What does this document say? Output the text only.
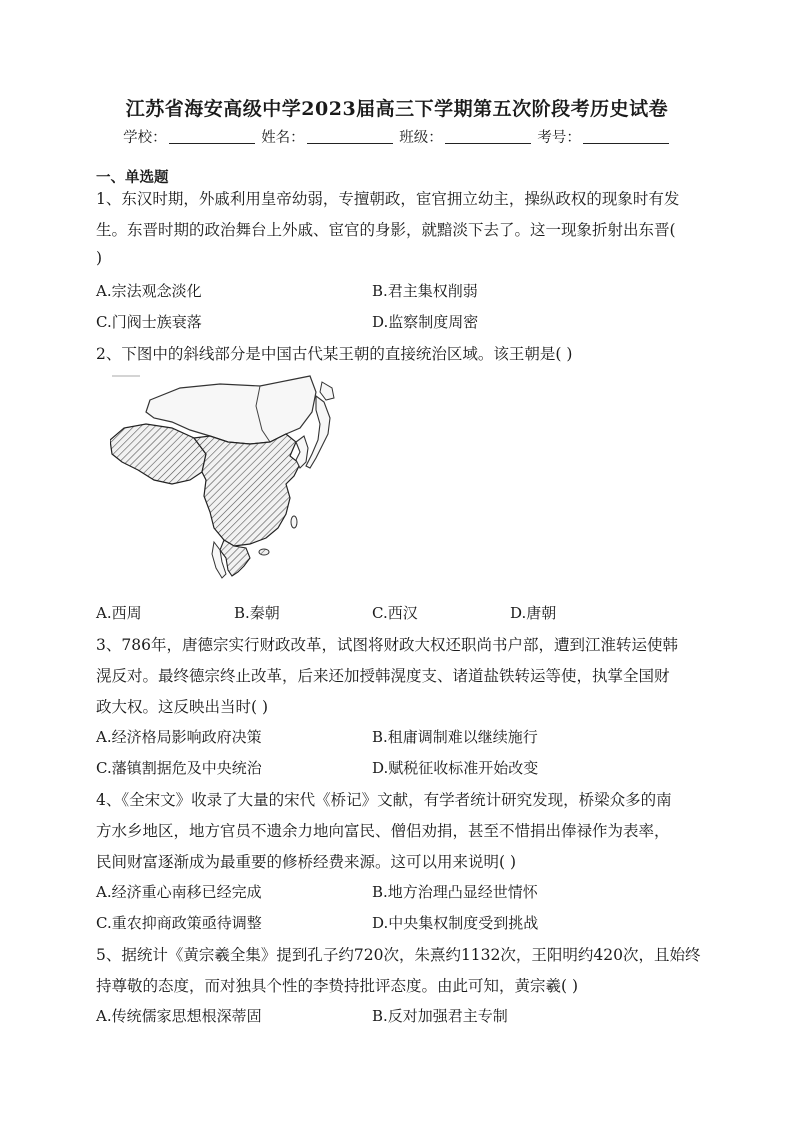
江苏省海安高级中学2023届高三下学期第五次阶段考历史试卷
学校：	姓名：	班级：	考号：
一、单选题
1、东汉时期，外戚利用皇帝幼弱，专擅朝政，宦官拥立幼主，操纵政权的现象时有发
生。东晋时期的政治舞台上外戚、宦官的身影，就黯淡下去了。这一现象折射出东晋(
)
A.宗法观念淡化	B.君主集权削弱
C.门阀士族衰落	D.监察制度周密
2、下图中的斜线部分是中国古代某王朝的直接统治区域。该王朝是( )
A.西周	B.秦朝	C.西汉	D.唐朝
3、786年，唐德宗实行财政改革，试图将财政大权还职尚书户部，遭到江淮转运使韩
滉反对。最终德宗终止改革，后来还加授韩滉度支、诸道盐铁转运等使，执掌全国财
政大权。这反映出当时( )
A.经济格局影响政府决策	B.租庸调制难以继续施行
C.藩镇割据危及中央统治	D.赋税征收标准开始改变
4、《全宋文》收录了大量的宋代《桥记》文献，有学者统计研究发现，桥梁众多的南
方水乡地区，地方官员不遗余力地向富民、僧侣劝捐，甚至不惜捐出俸禄作为表率，
民间财富逐渐成为最重要的修桥经费来源。这可以用来说明( )
A.经济重心南移已经完成	B.地方治理凸显经世情怀
C.重农抑商政策亟待调整	D.中央集权制度受到挑战
5、据统计《黄宗羲全集》提到孔子约720次，朱熹约1132次，王阳明约420次，且始终
持尊敬的态度，而对独具个性的李贽持批评态度。由此可知，黄宗羲( )
A.传统儒家思想根深蒂固	B.反对加强君主专制
